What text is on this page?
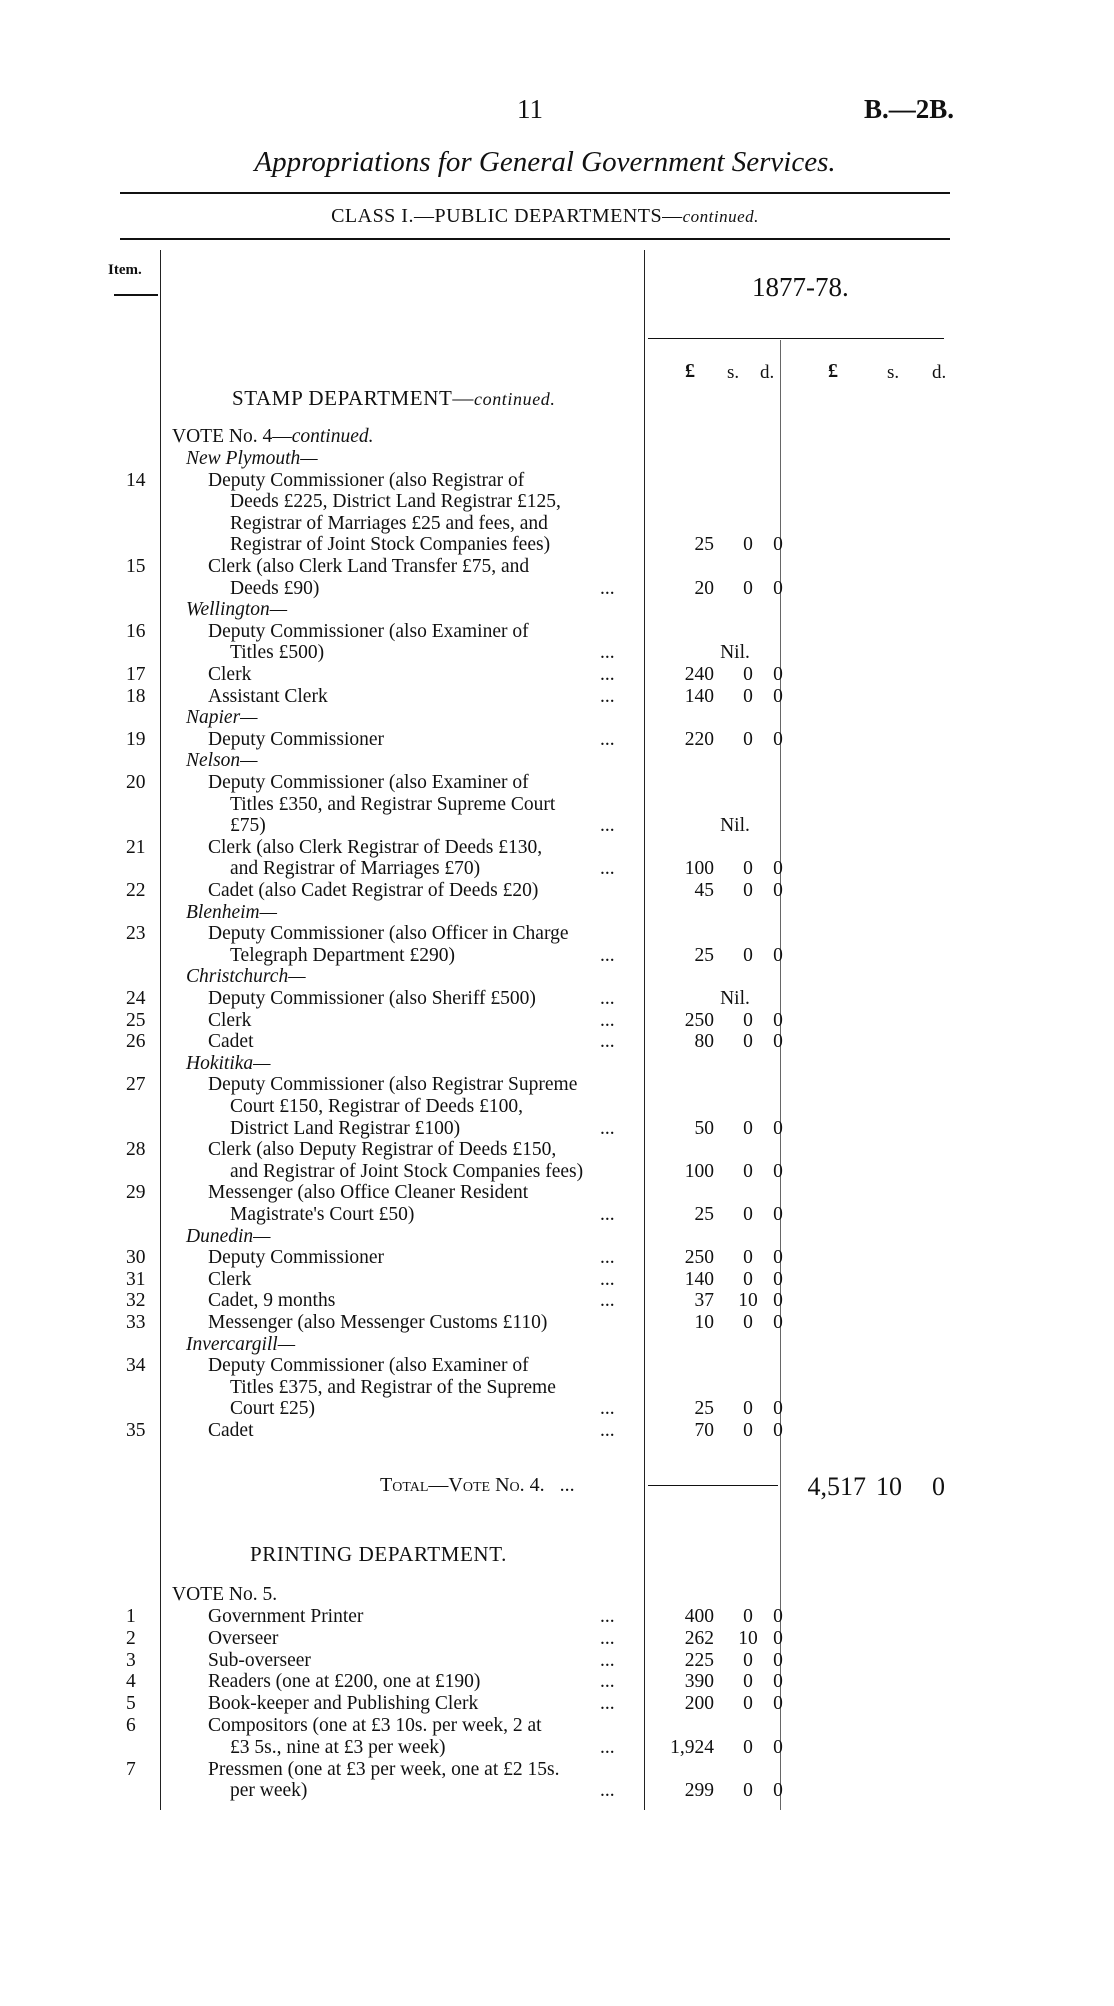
11	B.—2B.
Appropriations for General Government Services.
CLASS I.—PUBLIC DEPARTMENTS—continued.
Item.
1877-78.
£ s. d.	£	s. d.
STAMP DEPARTMENT—continued.
VOTE No. 4—continued.
New Plymouth—
14	Deputy Commissioner (also Registrar of
Deeds £225, District Land Registrar £125,
Registrar of Marriages £25 and fees, and
Registrar of Joint Stock Companies fees)	25	0	0
15	Clerk (also Clerk Land Transfer £75, and
Deeds £90)	...	20	0	0
Wellington—
16	Deputy Commissioner (also Examiner of
Titles £500)	...	Nil.
17	Clerk	...	240	0	0
18	Assistant Clerk	...	140	0	0
Napier—
19	Deputy Commissioner	...	220	0	0
Nelson—
20	Deputy Commissioner (also Examiner of
Titles £350, and Registrar Supreme Court
£75)	...	Nil.
21	Clerk (also Clerk Registrar of Deeds £130,
and Registrar of Marriages £70)	...	100	0	0
22	Cadet (also Cadet Registrar of Deeds £20)	45	0	0
Blenheim—
23	Deputy Commissioner (also Officer in Charge
Telegraph Department £290)	...	25	0	0
Christchurch—
24	Deputy Commissioner (also Sheriff £500)	...	Nil.
25	Clerk	...	250	0	0
26	Cadet	...	80	0	0
Hokitika—
27	Deputy Commissioner (also Registrar Supreme
Court £150, Registrar of Deeds £100,
District Land Registrar £100)	...	50	0	0
28	Clerk (also Deputy Registrar of Deeds £150,
and Registrar of Joint Stock Companies fees)	100	0	0
29	Messenger (also Office Cleaner Resident
Magistrate's Court £50)	...	25	0	0
Dunedin—
30	Deputy Commissioner	...	250	0	0
31	Clerk	...	140	0	0
32	Cadet, 9 months	...	37 10 0
33	Messenger (also Messenger Customs £110)	10	0	0
Invercargill—
34	Deputy Commissioner (also Examiner of
Titles £375, and Registrar of the Supreme
Court £25)	...	25	0	0
35	Cadet	...	70	0	0
Total—Vote No. 4. ...	4,517 10 0
PRINTING DEPARTMENT.
VOTE No. 5.
1	Government Printer	...	400	0	0
2	Overseer	...	262 10 0
3	Sub-overseer	...	225	0	0
4	Readers (one at £200, one at £190)	...	390	0	0
5	Book-keeper and Publishing Clerk	...	200	0	0
6	Compositors (one at £3 10s. per week, 2 at
£3 5s., nine at £3 per week)	...	1,924	0	0
7	Pressmen (one at £3 per week, one at £2 15s.
per week)	...	299	0	0
